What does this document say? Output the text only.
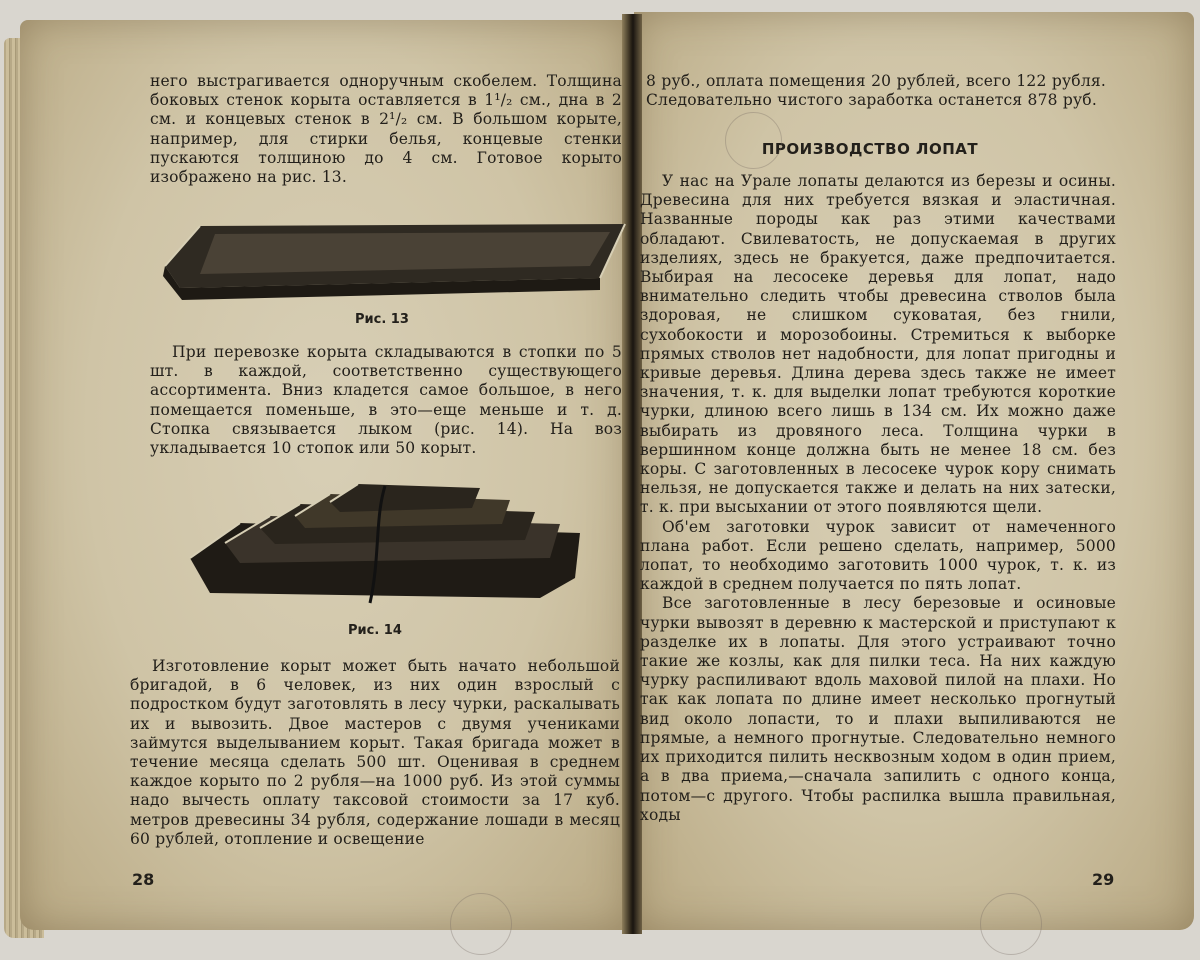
него выстрагивается одноручным скобелем. Толщина боковых стенок корыта оставляется в 1¹/₂ см., дна в 2 см. и концевых стенок в 2¹/₂ см. В большом корыте, например, для стирки белья, концевые стенки пускаются толщиною до 4 см. Готовое корыто изображено на рис. 13.

Рис. 13

При перевозке корыта складываются в стопки по 5 шт. в каждой, соответственно существующего ассортимента. Вниз кладется самое большое, в него помещается поменьше, в это—еще меньше и т. д. Стопка связывается лыком (рис. 14). На воз укладывается 10 стопок или 50 корыт.

Рис. 14

Изготовление корыт может быть начато небольшой бригадой, в 6 человек, из них один взрослый с подростком будут заготовлять в лесу чурки, раскалывать их и вывозить. Двое мастеров с двумя учениками займутся выделыванием корыт. Такая бригада может в течение месяца сделать 500 шт. Оценивая в среднем каждое корыто по 2 рубля—на 1000 руб. Из этой суммы надо вычесть оплату таксовой стоимости за 17 куб. метров древесины 34 рубля, содержание лошади в месяц 60 рублей, отопление и освещение

28

8 руб., оплата помещения 20 рублей, всего 122 рубля. Следовательно чистого заработка останется 878 руб.

ПРОИЗВОДСТВО ЛОПАТ

У нас на Урале лопаты делаются из березы и осины. Древесина для них требуется вязкая и эластичная. Названные породы как раз этими качествами обладают. Свилеватость, не допускаемая в других изделиях, здесь не бракуется, даже предпочитается. Выбирая на лесосеке деревья для лопат, надо внимательно следить чтобы древесина стволов была здоровая, не слишком суковатая, без гнили, сухобокости и морозобоины. Стремиться к выборке прямых стволов нет надобности, для лопат пригодны и кривые деревья. Длина дерева здесь также не имеет значения, т. к. для выделки лопат требуются короткие чурки, длиною всего лишь в 134 см. Их можно даже выбирать из дровяного леса. Толщина чурки в вершинном конце должна быть не менее 18 см. без коры. С заготовленных в лесосеке чурок кору снимать нельзя, не допускается также и делать на них затески, т. к. при высыхании от этого появляются щели.

Об'ем заготовки чурок зависит от намеченного плана работ. Если решено сделать, например, 5000 лопат, то необходимо заготовить 1000 чурок, т. к. из каждой в среднем получается по пять лопат.

Все заготовленные в лесу березовые и осиновые чурки вывозят в деревню к мастерской и приступают к разделке их в лопаты. Для этого устраивают точно такие же козлы, как для пилки теса. На них каждую чурку распиливают вдоль маховой пилой на плахи. Но так как лопата по длине имеет несколько прогнутый вид около лопасти, то и плахи выпиливаются не прямые, а немного прогнутые. Следовательно немного их приходится пилить несквозным ходом в один прием, а в два приема,—сначала запилить с одного конца, потом—с другого. Чтобы распилка вышла правильная, ходы

29
